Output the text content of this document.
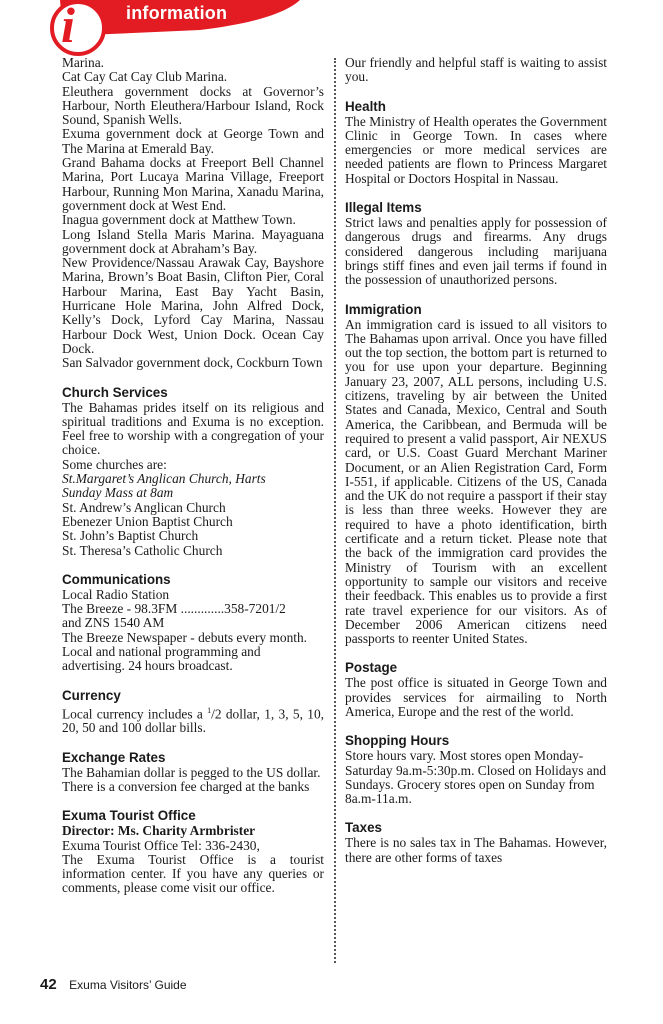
i	information

Marina.

Cat Cay Cat Cay Club Marina.

Eleuthera government docks at Governor’s Harbour, North Eleuthera/Harbour Island, Rock Sound, Spanish Wells.

Exuma government dock at George Town and The Marina at Emerald Bay.

Grand Bahama docks at Freeport Bell Channel Marina, Port Lucaya Marina Village, Freeport Harbour, Running Mon Marina, Xanadu Marina, government dock at West End.

Inagua government dock at Matthew Town.

Long Island Stella Maris Marina. Mayaguana government dock at Abraham’s Bay.

New Providence/Nassau Arawak Cay, Bayshore Marina, Brown’s Boat Basin, Clifton Pier, Coral Harbour Marina, East Bay Yacht Basin, Hurricane Hole Marina, John Alfred Dock, Kelly’s Dock, Lyford Cay Marina, Nassau Harbour Dock West, Union Dock. Ocean Cay Dock.

San Salvador government dock, Cockburn Town

Church Services

The Bahamas prides itself on its religious and spiritual traditions and Exuma is no exception. Feel free to worship with a congregation of your choice.

Some churches are:

St.Margaret’s Anglican Church, Harts

Sunday Mass at 8am

St. Andrew’s Anglican Church

Ebenezer Union Baptist Church

St. John’s Baptist Church

St. Theresa’s Catholic Church

Communications

Local Radio Station

The Breeze - 98.3FM .............358-7201/2

and ZNS 1540 AM

The Breeze Newspaper - debuts every month. Local and national programming and advertising. 24 hours broadcast.

Currency

Local currency includes a $^1$/2 dollar, 1, 3, 5, 10, 20, 50 and 100 dollar bills.

Exchange Rates

The Bahamian dollar is pegged to the US dollar. There is a conversion fee charged at the banks

Exuma Tourist Office

Director: Ms. Charity Armbrister

Exuma Tourist Office Tel: 336-2430,

The Exuma Tourist Office is a tourist information center. If you have any queries or comments, please come visit our office.

Our friendly and helpful staff is waiting to assist you.

Health

The Ministry of Health operates the Government Clinic in George Town. In cases where emergencies or more medical services are needed patients are flown to Princess Margaret Hospital or Doctors Hospital in Nassau.

Illegal Items

Strict laws and penalties apply for possession of dangerous drugs and firearms. Any drugs considered dangerous including marijuana brings stiff fines and even jail terms if found in the possession of unauthorized persons.

Immigration

An immigration card is issued to all visitors to The Bahamas upon arrival. Once you have filled out the top section, the bottom part is returned to you for use upon your departure. Beginning January 23, 2007, ALL persons, including U.S. citizens, traveling by air between the United States and Canada, Mexico, Central and South America, the Caribbean, and Bermuda will be required to present a valid passport, Air NEXUS card, or U.S. Coast Guard Merchant Mariner Document, or an Alien Registration Card, Form I-551, if applicable. Citizens of the US, Canada and the UK do not require a passport if their stay is less than three weeks. However they are required to have a photo identification, birth certificate and a return ticket. Please note that the back of the immigration card provides the Ministry of Tourism with an excellent opportunity to sample our visitors and receive their feedback. This enables us to provide a first rate travel experience for our visitors. As of December 2006 American citizens need passports to reenter United States.

Postage

The post office is situated in George Town and provides services for airmailing to North America, Europe and the rest of the world.

Shopping Hours

Store hours vary. Most stores open Monday-Saturday 9a.m-5:30p.m. Closed on Holidays and Sundays. Grocery stores open on Sunday from 8a.m-11a.m.

Taxes

There is no sales tax in The Bahamas. However, there are other forms of taxes

42 Exuma Visitors’ Guide
